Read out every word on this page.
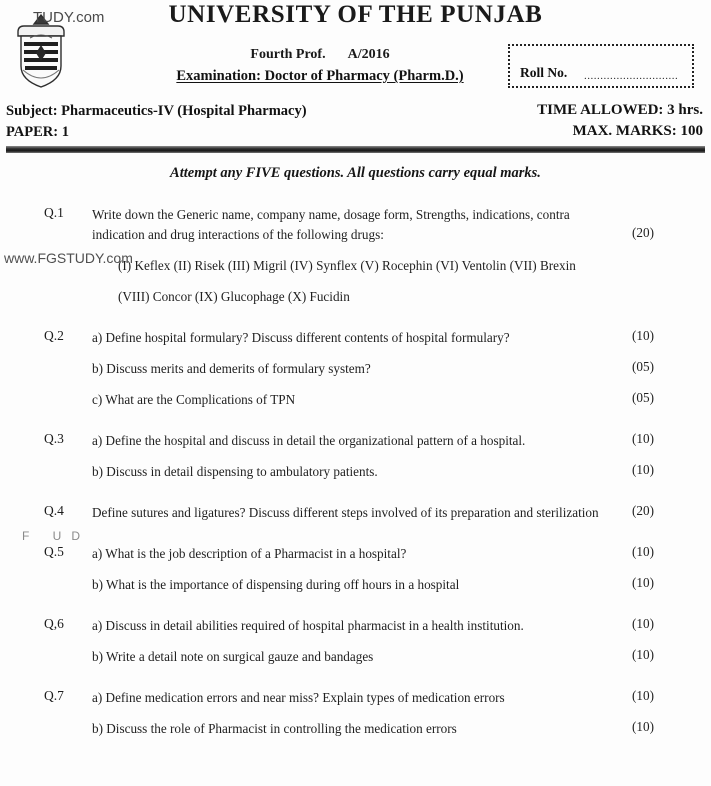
UNIVERSITY OF THE PUNJAB
Fourth Prof. A/2016
Examination: Doctor of Pharmacy (Pharm.D.)	Roll No. .............................
Subject: Pharmaceutics-IV (Hospital Pharmacy)
PAPER: 1
TIME ALLOWED: 3 hrs.
MAX. MARKS: 100
Attempt any FIVE questions. All questions carry equal marks.
Q.1	Write down the Generic name, company name, dosage form, Strengths, indications, contra indication and drug interactions of the following drugs:	(20)
(I) Keflex (II) Risek (III) Migril (IV) Synflex (V) Rocephin (VI) Ventolin (VII) Brexin
(VIII) Concor (IX) Glucophage (X) Fucidin
Q.2	a) Define hospital formulary? Discuss different contents of hospital formulary?	(10)
b) Discuss merits and demerits of formulary system?	(05)
c) What are the Complications of TPN	(05)
Q.3	a) Define the hospital and discuss in detail the organizational pattern of a hospital.	(10)
b) Discuss in detail dispensing to ambulatory patients.	(10)
Q.4	Define sutures and ligatures? Discuss different steps involved of its preparation and sterilization	(20)
Q.5	a) What is the job description of a Pharmacist in a hospital?	(10)
b) What is the importance of dispensing during off hours in a hospital	(10)
Q,6	a) Discuss in detail abilities required of hospital pharmacist in a health institution.	(10)
b) Write a detail note on surgical gauze and bandages	(10)
Q.7	a) Define medication errors and near miss? Explain types of medication errors	(10)
b) Discuss the role of Pharmacist in controlling the medication errors	(10)
TUDY.com
www.FGSTUDY.com
F UD
